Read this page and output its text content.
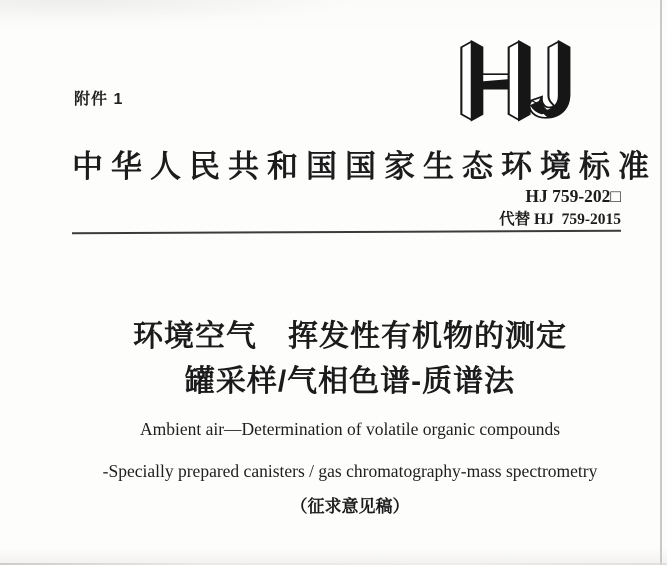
附件 1
中华人民共和国国家生态环境标准
HJ 759-202□
代替 HJ  759-2015
环境空气　挥发性有机物的测定
罐采样/气相色谱-质谱法
Ambient air—Determination of volatile organic compounds
-Specially prepared canisters / gas chromatography-mass spectrometry
（征求意见稿）
